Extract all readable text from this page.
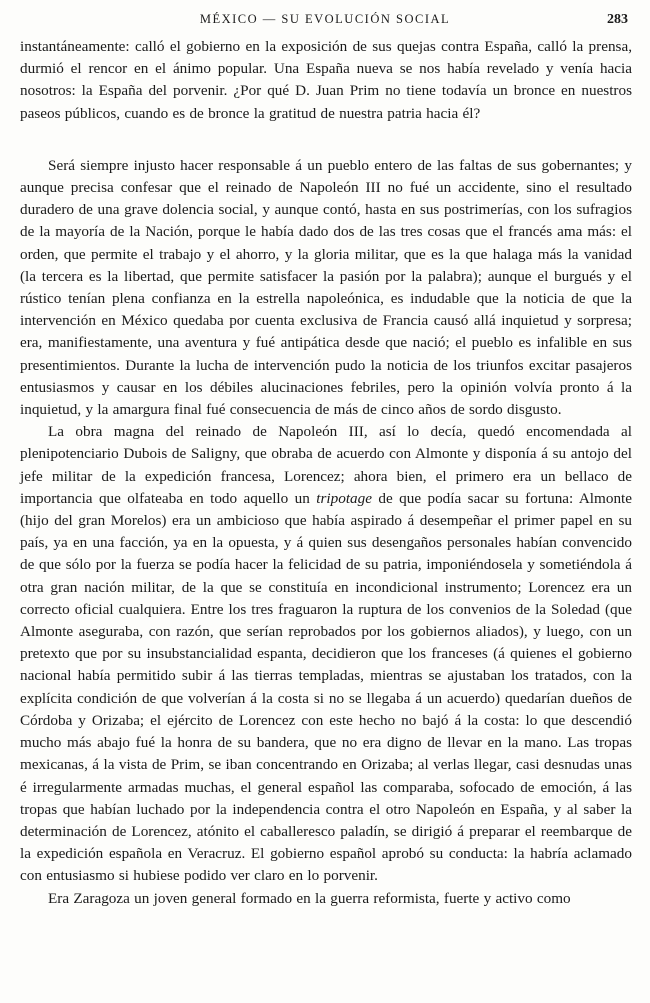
MÉXICO — SU EVOLUCIÓN SOCIAL	283

instantáneamente: calló el gobierno en la exposición de sus quejas contra España, calló la prensa, durmió el rencor en el ánimo popular. Una España nueva se nos había revelado y venía hacia nosotros: la España del porvenir. ¿Por qué D. Juan Prim no tiene todavía un bronce en nuestros paseos públicos, cuando es de bronce la gratitud de nuestra patria hacia él?

Será siempre injusto hacer responsable á un pueblo entero de las faltas de sus gobernantes; y aunque precisa confesar que el reinado de Napoleón III no fué un accidente, sino el resultado duradero de una grave dolencia social, y aunque contó, hasta en sus postrimerías, con los sufragios de la mayoría de la Nación, porque le había dado dos de las tres cosas que el francés ama más: el orden, que permite el trabajo y el ahorro, y la gloria militar, que es la que halaga más la vanidad (la tercera es la libertad, que permite satisfacer la pasión por la palabra); aunque el burgués y el rústico tenían plena confianza en la estrella napoleónica, es indudable que la noticia de que la intervención en México quedaba por cuenta exclusiva de Francia causó allá inquietud y sorpresa; era, manifiestamente, una aventura y fué antipática desde que nació; el pueblo es infalible en sus presentimientos. Durante la lucha de intervención pudo la noticia de los triunfos excitar pasajeros entusiasmos y causar en los débiles alucinaciones febriles, pero la opinión volvía pronto á la inquietud, y la amargura final fué consecuencia de más de cinco años de sordo disgusto.

La obra magna del reinado de Napoleón III, así lo decía, quedó encomendada al plenipotenciario Dubois de Saligny, que obraba de acuerdo con Almonte y disponía á su antojo del jefe militar de la expedición francesa, Lorencez; ahora bien, el primero era un bellaco de importancia que olfateaba en todo aquello un tripotage de que podía sacar su fortuna: Almonte (hijo del gran Morelos) era un ambicioso que había aspirado á desempeñar el primer papel en su país, ya en una facción, ya en la opuesta, y á quien sus desengaños personales habían convencido de que sólo por la fuerza se podía hacer la felicidad de su patria, imponiéndosela y sometiéndola á otra gran nación militar, de la que se constituía en incondicional instrumento; Lorencez era un correcto oficial cualquiera. Entre los tres fraguaron la ruptura de los convenios de la Soledad (que Almonte aseguraba, con razón, que serían reprobados por los gobiernos aliados), y luego, con un pretexto que por su insubstancialidad espanta, decidieron que los franceses (á quienes el gobierno nacional había permitido subir á las tierras templadas, mientras se ajustaban los tratados, con la explícita condición de que volverían á la costa si no se llegaba á un acuerdo) quedarían dueños de Córdoba y Orizaba; el ejército de Lorencez con este hecho no bajó á la costa: lo que descendió mucho más abajo fué la honra de su bandera, que no era digno de llevar en la mano. Las tropas mexicanas, á la vista de Prim, se iban concentrando en Orizaba; al verlas llegar, casi desnudas unas é irregularmente armadas muchas, el general español las comparaba, sofocado de emoción, á las tropas que habían luchado por la independencia contra el otro Napoleón en España, y al saber la determinación de Lorencez, atónito el caballeresco paladín, se dirigió á preparar el reembarque de la expedición española en Veracruz. El gobierno español aprobó su conducta: la habría aclamado con entusiasmo si hubiese podido ver claro en lo porvenir.

Era Zaragoza un joven general formado en la guerra reformista, fuerte y activo como
